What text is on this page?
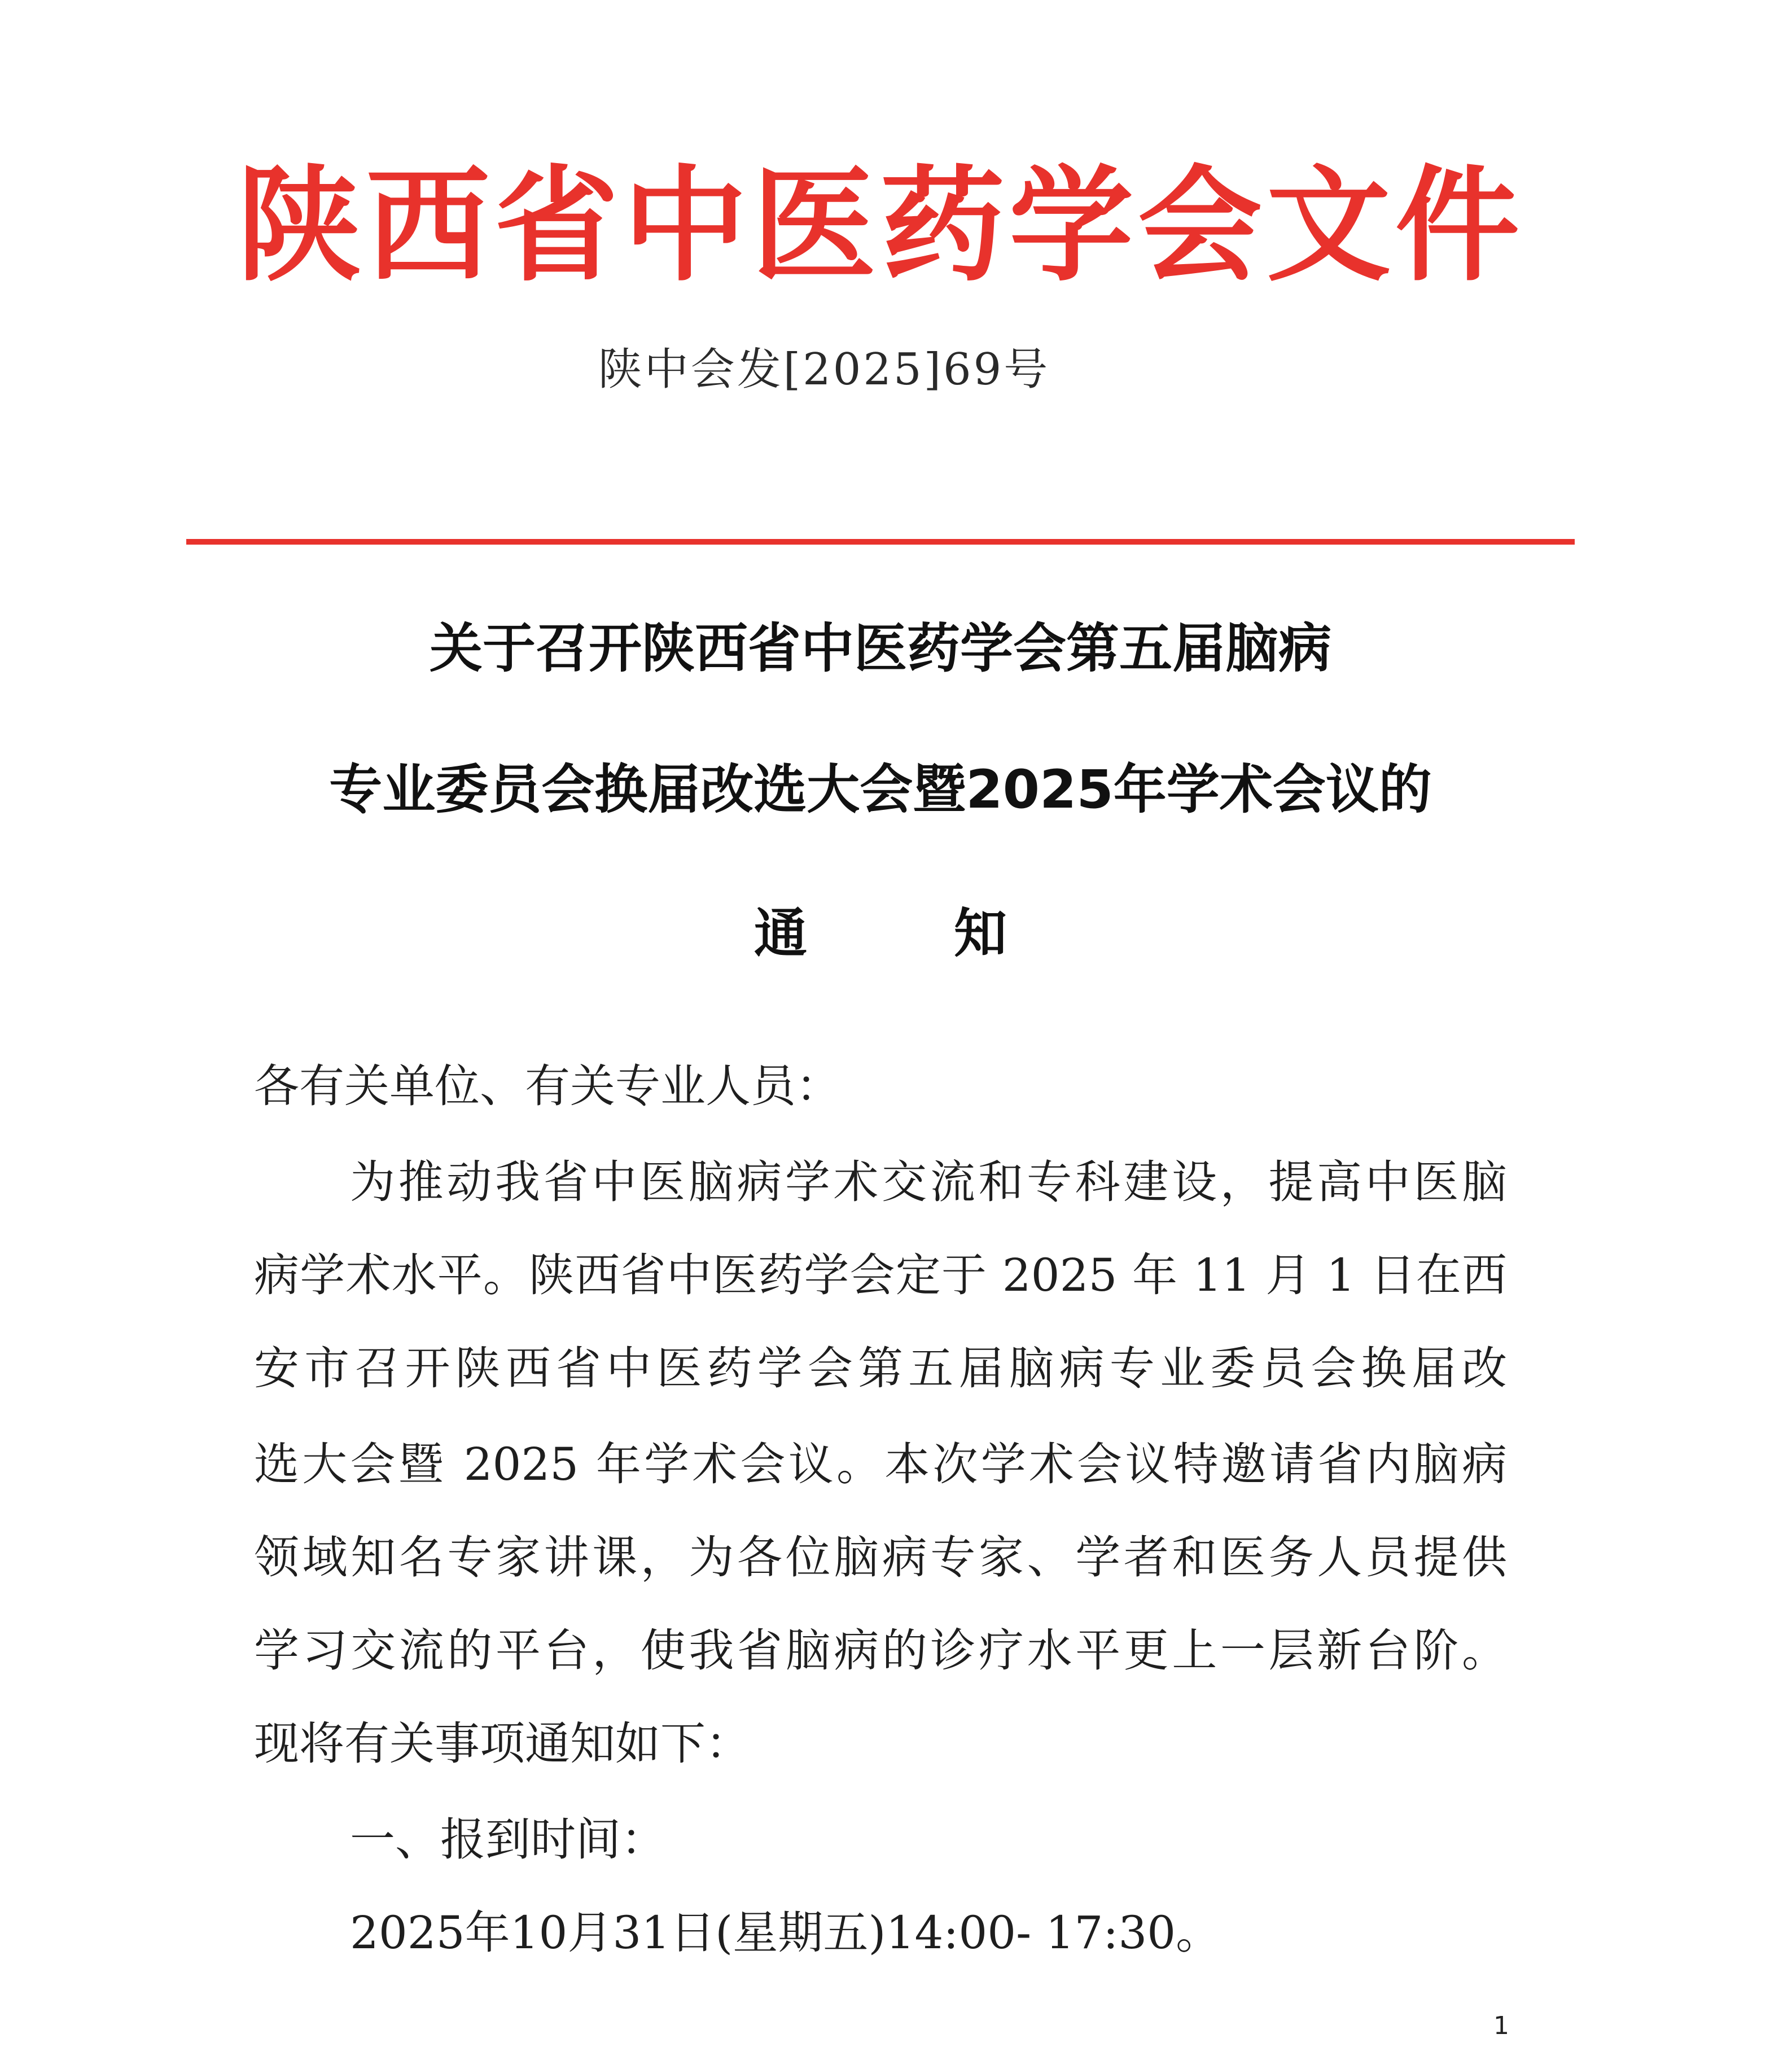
陕西省中医药学会文件
陕中会发[2025]69号
关于召开陕西省中医药学会第五届脑病
专业委员会换届改选大会暨2025年学术会议的
通知
各有关单位、有关专业人员：
为推动我省中医脑病学术交流和专科建设，提高中医脑
病学术水平。陕西省中医药学会定于 2025 年 11 月 1 日在西
安市召开陕西省中医药学会第五届脑病专业委员会换届改
选大会暨 2025 年学术会议。本次学术会议特邀请省内脑病
领域知名专家讲课，为各位脑病专家、学者和医务人员提供
学习交流的平台，使我省脑病的诊疗水平更上一层新台阶。
现将有关事项通知如下：
一、报到时间：
2025年10月31日(星期五)14:00- 17:30。
1
